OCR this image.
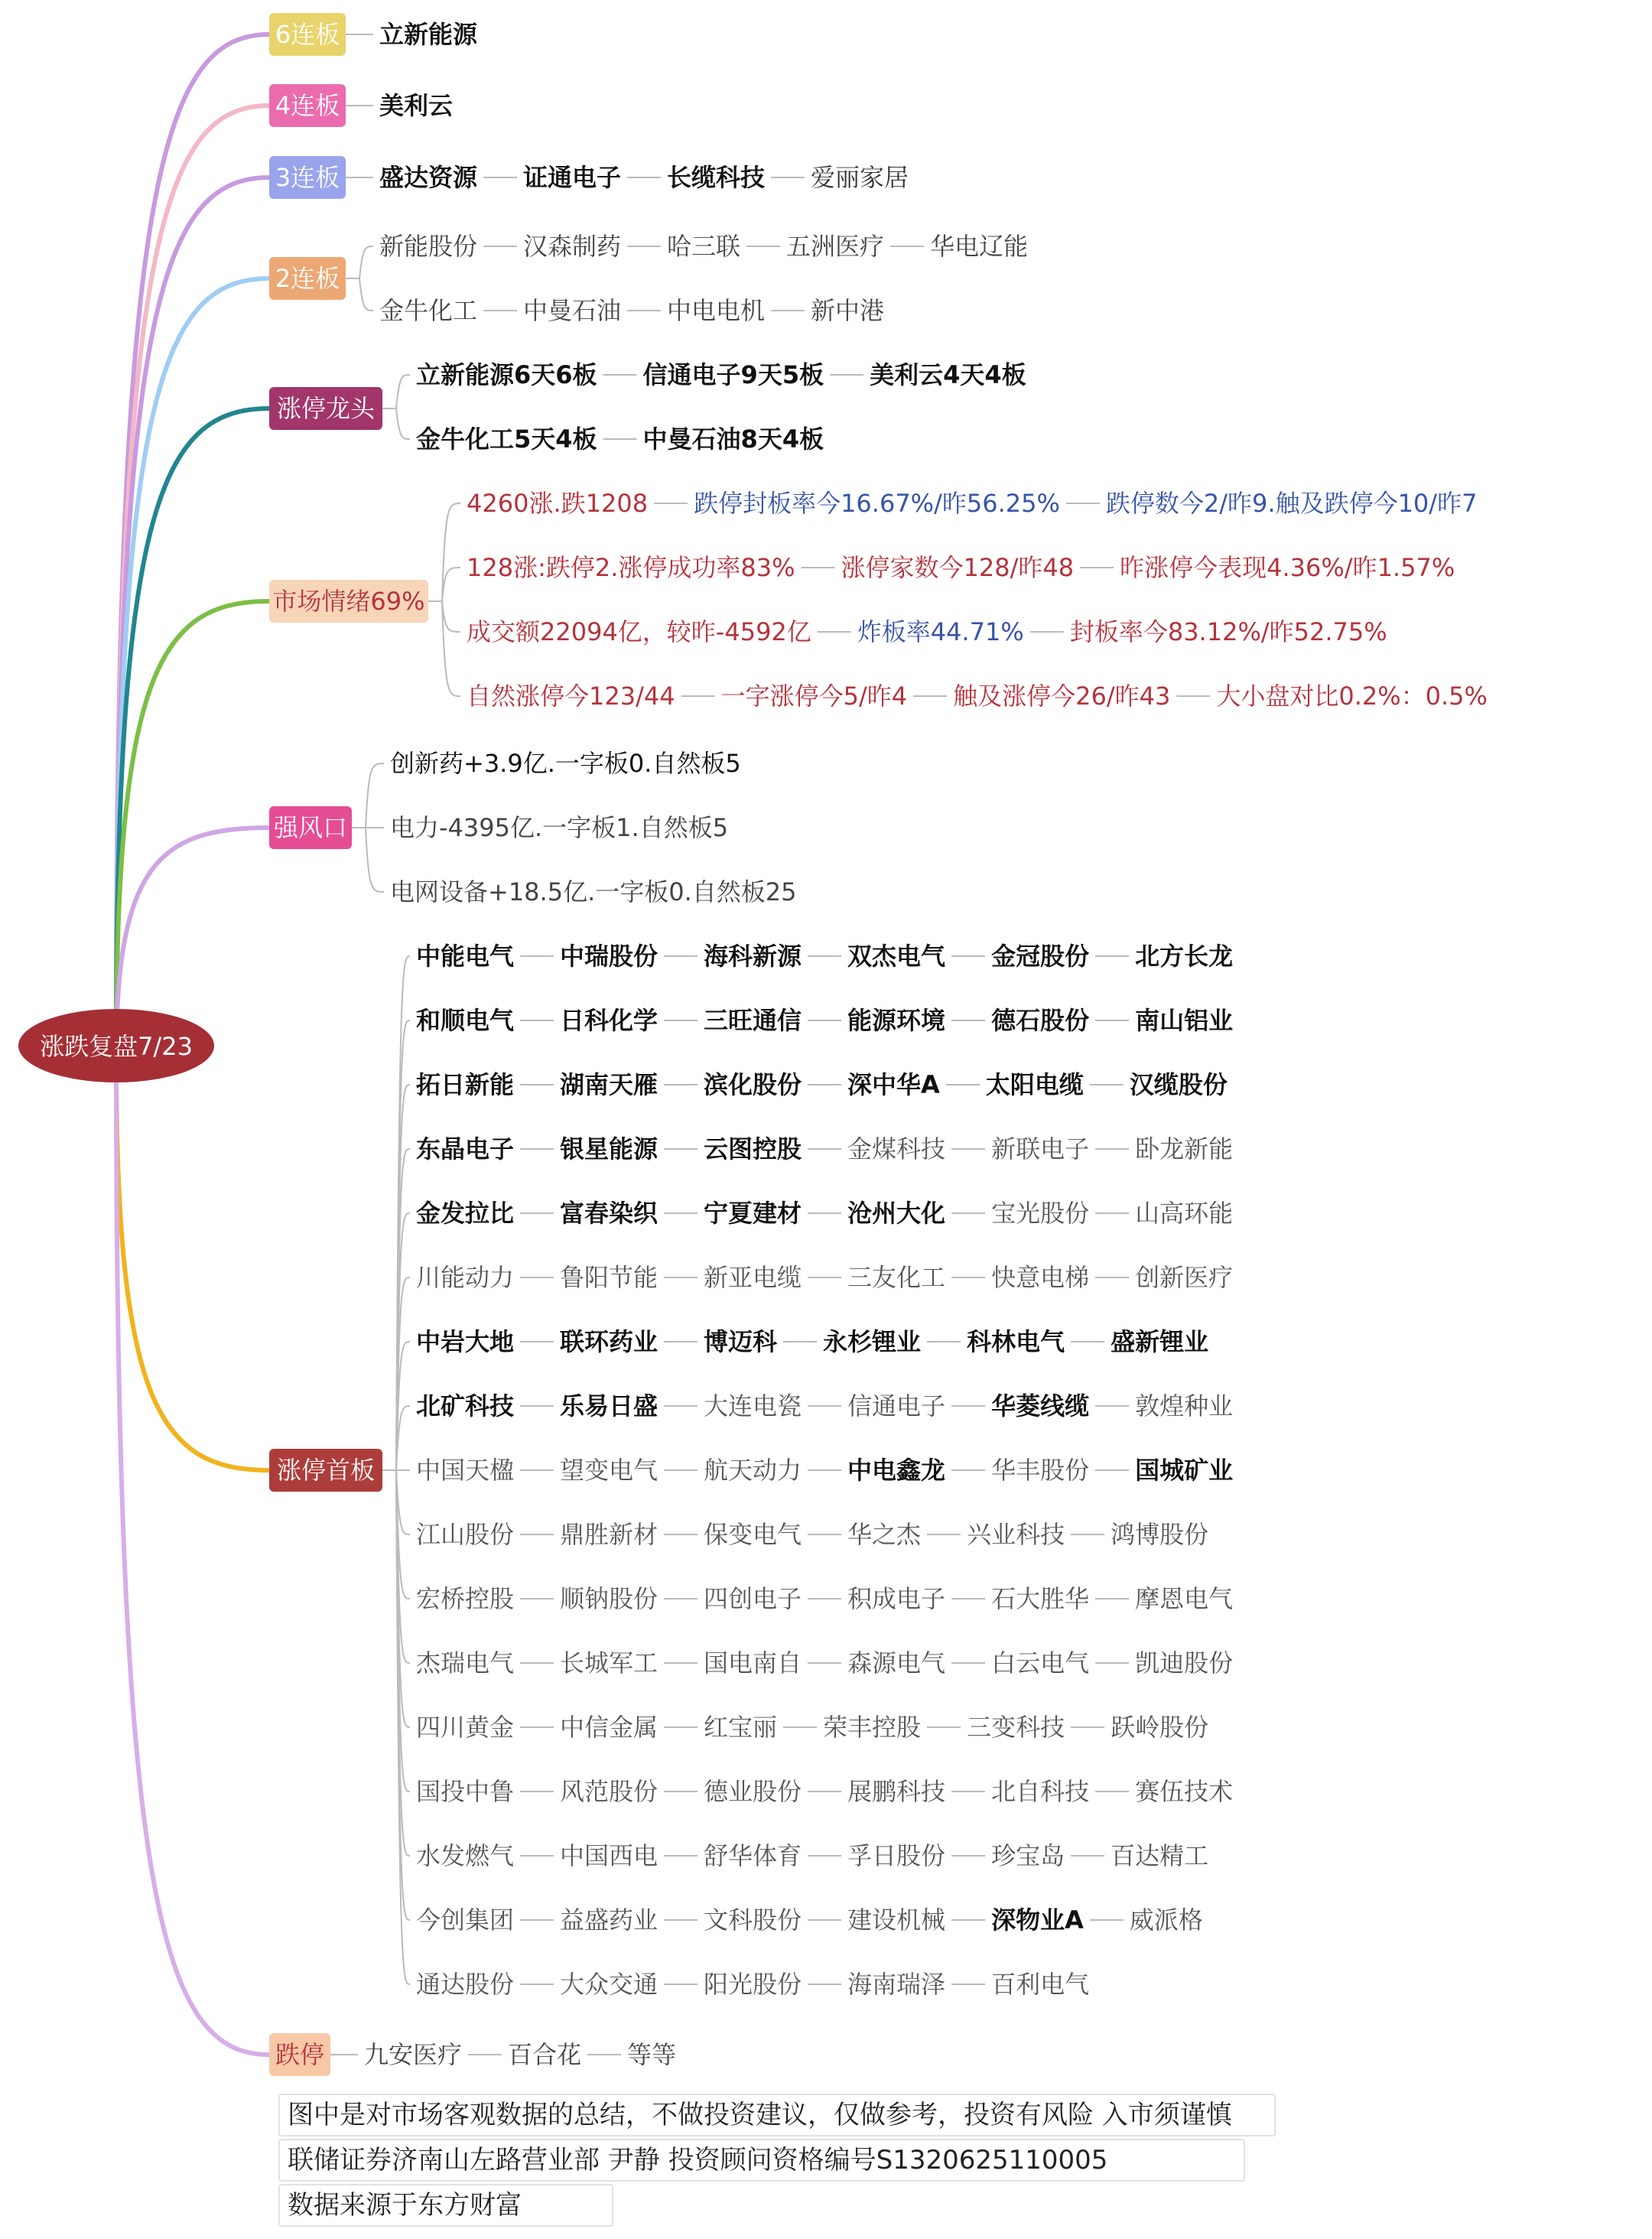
6连板 立新能源
4连板 美利云
3连板 盛达资源 证通电子 长缆科技 爱丽家居
2连板
新能股份 汉森制药 哈三联 五洲医疗 华电辽能
金牛化工 中曼石油 中电电机 新中港
涨停龙头
立新能源6天6板 信通电子9天5板 美利云4天4板
金牛化工5天4板 中曼石油8天4板
市场情绪69%
4260涨.跌1208 跌停封板率今16.67%/昨56.25% 跌停数今2/昨9.触及跌停今10/昨7
128涨:跌停2.涨停成功率83% 涨停家数今128/昨48 昨涨停今表现4.36%/昨1.57%
成交额22094亿，较昨-4592亿 炸板率44.71% 封板率今83.12%/昨52.75%
自然涨停今123/44 一字涨停今5/昨4 触及涨停今26/昨43 大小盘对比0.2%：0.5%
强风口
创新药+3.9亿.一字板0.自然板5
电力-4395亿.一字板1.自然板5
电网设备+18.5亿.一字板0.自然板25
涨停首板
中能电气 中瑞股份 海科新源 双杰电气 金冠股份 北方长龙
和顺电气 日科化学 三旺通信 能源环境 德石股份 南山铝业
拓日新能 湖南天雁 滨化股份 深中华A 太阳电缆 汉缆股份
东晶电子 银星能源 云图控股 金煤科技 新联电子 卧龙新能
金发拉比 富春染织 宁夏建材 沧州大化 宝光股份 山高环能
川能动力 鲁阳节能 新亚电缆 三友化工 快意电梯 创新医疗
中岩大地 联环药业 博迈科 永杉锂业 科林电气 盛新锂业
北矿科技 乐易日盛 大连电瓷 信通电子 华菱线缆 敦煌种业
中国天楹 望变电气 航天动力 中电鑫龙 华丰股份 国城矿业
江山股份 鼎胜新材 保变电气 华之杰 兴业科技 鸿博股份
宏桥控股 顺钠股份 四创电子 积成电子 石大胜华 摩恩电气
杰瑞电气 长城军工 国电南自 森源电气 白云电气 凯迪股份
四川黄金 中信金属 红宝丽 荣丰控股 三变科技 跃岭股份
国投中鲁 风范股份 德业股份 展鹏科技 北自科技 赛伍技术
水发燃气 中国西电 舒华体育 孚日股份 珍宝岛 百达精工
今创集团 益盛药业 文科股份 建设机械 深物业A 威派格
通达股份 大众交通 阳光股份 海南瑞泽 百利电气
跌停 九安医疗 百合花 等等
涨跌复盘7/23
图中是对市场客观数据的总结，不做投资建议，仅做参考，投资有风险 入市须谨慎
联储证券济南山左路营业部 尹静 投资顾问资格编号S1320625110005
数据来源于东方财富
